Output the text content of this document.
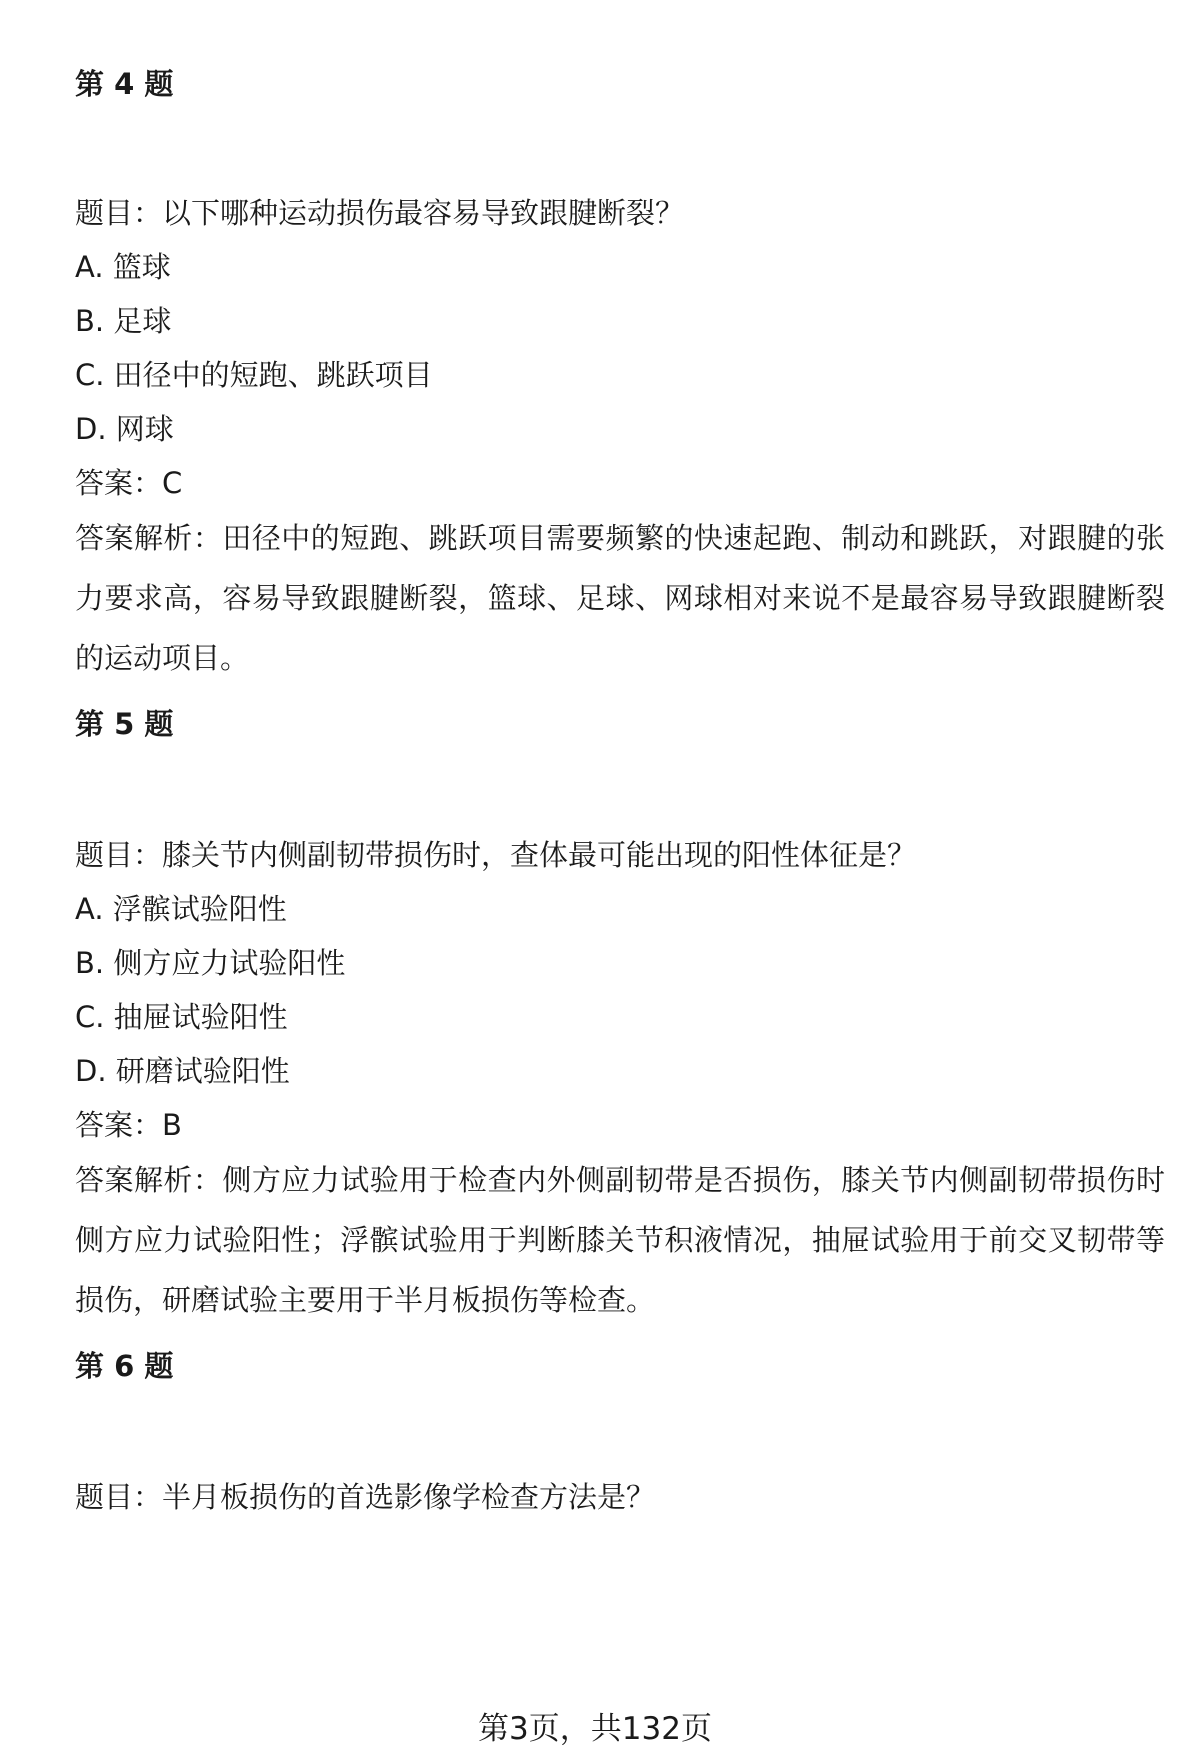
第 4 题
题目：以下哪种运动损伤最容易导致跟腱断裂？
A. 篮球
B. 足球
C. 田径中的短跑、跳跃项目
D. 网球
答案：C
答案解析：田径中的短跑、跳跃项目需要频繁的快速起跑、制动和跳跃，对跟腱的张力要求高，容易导致跟腱断裂，篮球、足球、网球相对来说不是最容易导致跟腱断裂的运动项目。
第 5 题
题目：膝关节内侧副韧带损伤时，查体最可能出现的阳性体征是？
A. 浮髌试验阳性
B. 侧方应力试验阳性
C. 抽屉试验阳性
D. 研磨试验阳性
答案：B
答案解析：侧方应力试验用于检查内外侧副韧带是否损伤，膝关节内侧副韧带损伤时侧方应力试验阳性；浮髌试验用于判断膝关节积液情况，抽屉试验用于前交叉韧带等损伤，研磨试验主要用于半月板损伤等检查。
第 6 题
题目：半月板损伤的首选影像学检查方法是？
第3页，共132页
